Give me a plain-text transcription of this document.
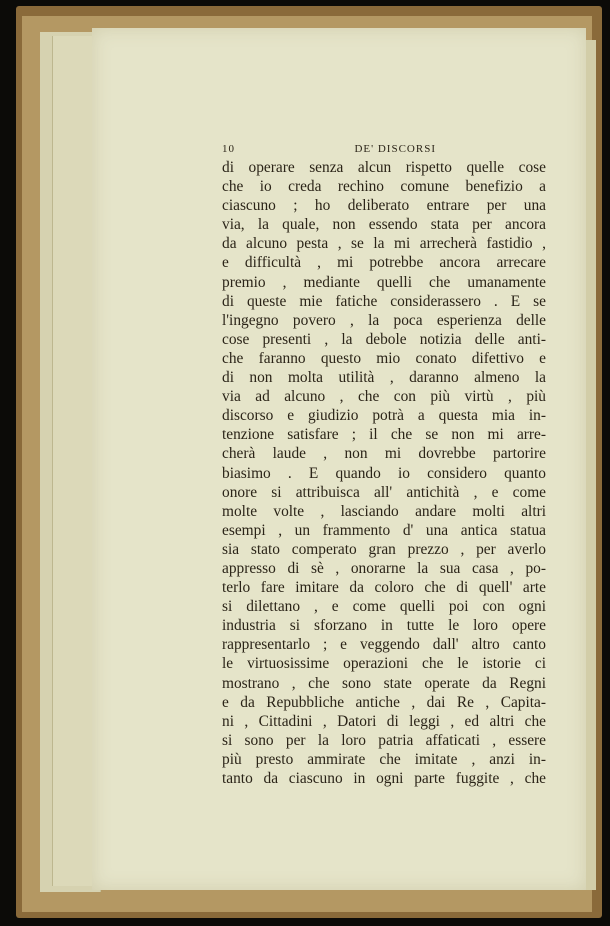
10	DE' DISCORSI
di operare senza alcun rispetto quelle cose
che io creda rechino comune benefizio a
ciascuno ; ho deliberato entrare per una
via, la quale, non essendo stata per ancora
da alcuno pesta , se la mi arrecherà fastidio ,
e difficultà , mi potrebbe ancora arrecare
premio , mediante quelli che umanamente
di queste mie fatiche considerassero . E se
l'ingegno povero , la poca esperienza delle
cose presenti , la debole notizia delle anti-
che faranno questo mio conato difettivo e
di non molta utilità , daranno almeno la
via ad alcuno , che con più virtù , più
discorso e giudizio potrà a questa mia in-
tenzione satisfare ; il che se non mi arre-
cherà laude , non mi dovrebbe partorire
biasimo . E quando io considero quanto
onore si attribuisca all' antichità , e come
molte volte , lasciando andare molti altri
esempi , un frammento d' una antica statua
sia stato comperato gran prezzo , per averlo
appresso di sè , onorarne la sua casa , po-
terlo fare imitare da coloro che di quell' arte
si dilettano , e come quelli poi con ogni
industria si sforzano in tutte le loro opere
rappresentarlo ; e veggendo dall' altro canto
le virtuosissime operazioni che le istorie ci
mostrano , che sono state operate da Regni
e da Repubbliche antiche , dai Re , Capita-
ni , Cittadini , Datori di leggi , ed altri che
si sono per la loro patria affaticati , essere
più presto ammirate che imitate , anzi in-
tanto da ciascuno in ogni parte fuggite , che
